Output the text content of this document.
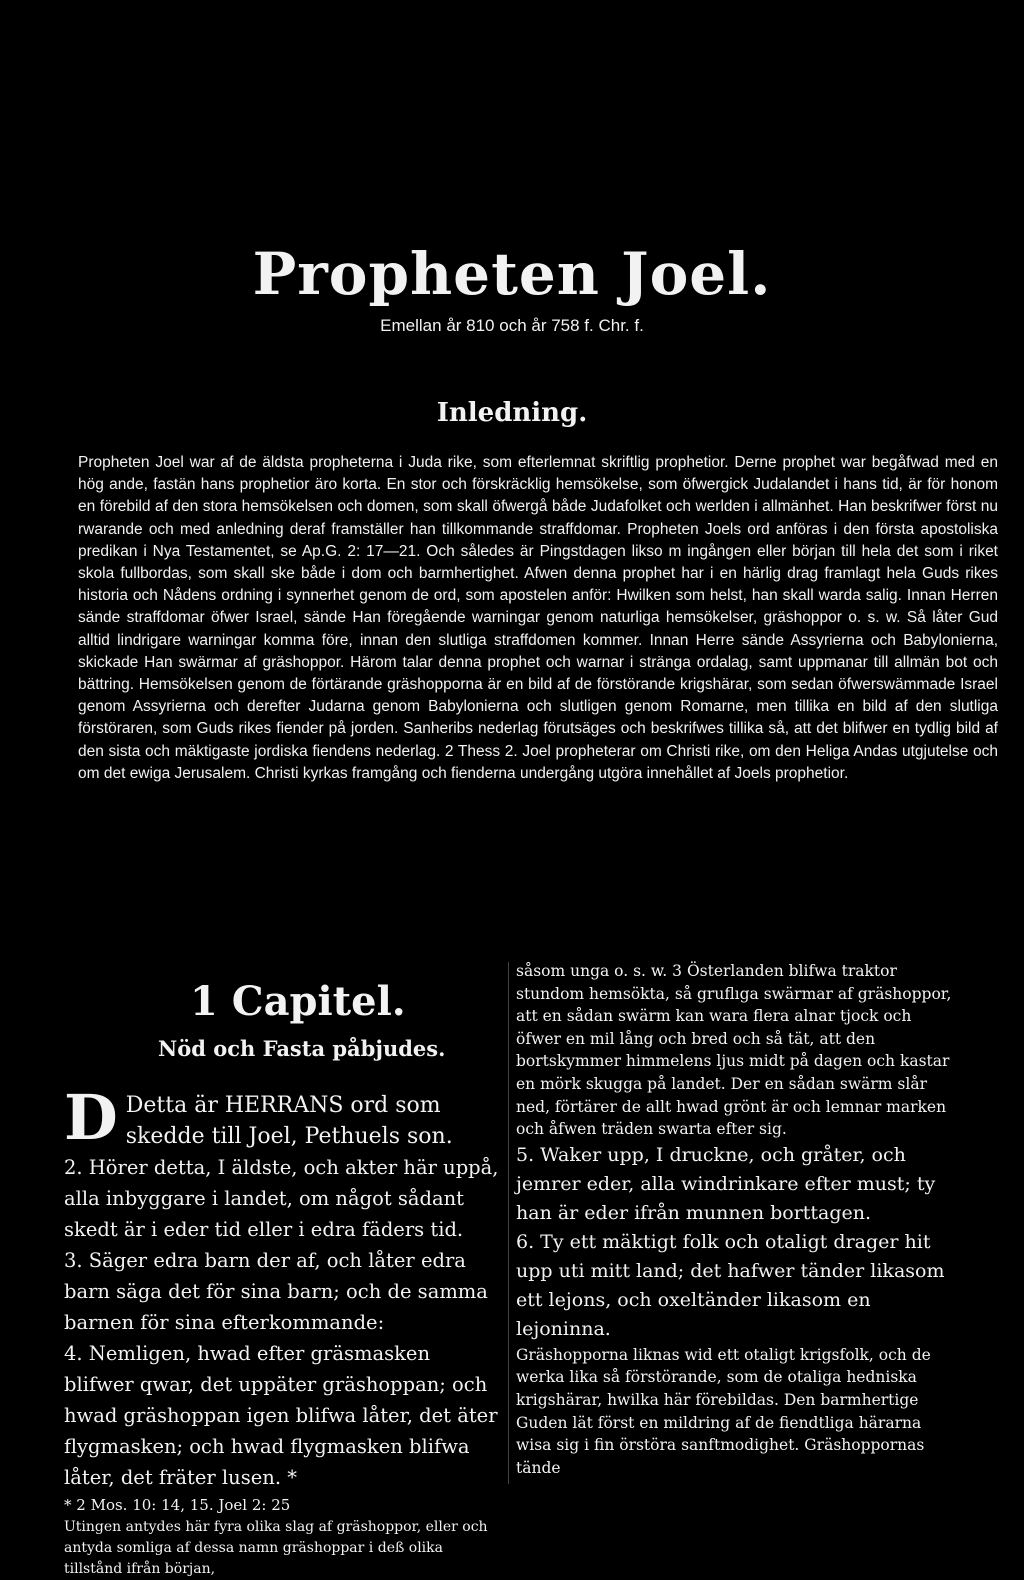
Propheten Joel.
Emellan år 810 och år 758 f. Chr. f.
Inledning.

Propheten Joel war af de äldsta propheterna i Juda rike, som efterlemnat skriftlig prophetior. Derne prophet war begåfwad med en hög ande, fastän hans prophetior äro korta. En stor och förskräcklig hemsökelse, som öfwergick Judalandet i hans tid, är för honom en förebild af den stora hemsökelsen och domen, som skall öfwergå både Judafolket och werlden i allmänhet. Han beskrifwer först nu rwarande och med anledning deraf framställer han tillkommande straffdomar. Propheten Joels ord anföras i den första apostoliska predikan i Nya Testamentet, se Ap.G. 2: 17—21. Och således är Pingstdagen likso m ingången eller början till hela det som i riket skola fullbordas, som skall ske både i dom och barmhertighet. Afwen denna prophet har i en härlig drag framlagt hela Guds rikes historia och Nådens ordning i synnerhet genom de ord, som apostelen anför: Hwilken som helst, han skall warda salig. Innan Herren sände straffdomar öfwer Israel, sände Han föregående warningar genom naturliga hemsökelser, gräshoppor o. s. w. Så låter Gud alltid lindrigare warningar komma före, innan den slutliga straffdomen kommer. Innan Herre sände Assyrierna och Babylonierna, skickade Han swärmar af gräshoppor. Härom talar denna prophet och warnar i stränga ordalag, samt uppmanar till allmän bot och bättring. Hemsökelsen genom de förtärande gräshopporna är en bild af de förstörande krigshärar, som sedan öfwerswämmade Israel genom Assyrierna och derefter Judarna genom Babylonierna och slutligen genom Romarne, men tillika en bild af den slutliga förstöraren, som Guds rikes fiender på jorden. Sanheribs nederlag förutsäges och beskrifwes tillika så, att det blifwer en tydlig bild af den sista och mäktigaste jordiska fiendens nederlag. 2 Thess 2. Joel propheterar om Christi rike, om den Heliga Andas utgjutelse och om det ewiga Jerusalem. Christi kyrkas framgång och fienderna undergång utgöra innehållet af Joels prophetior.

1 Capitel.
Nöd och Fasta påbjudes.

D Detta är HERRANS ord som skedde till Joel, Pethuels son.

2. Hörer detta, I äldste, och akter här uppå, alla inbyggare i landet, om något sådant skedt är i eder tid eller i edra fäders tid.

3. Säger edra barn der af, och låter edra barn säga det för sina barn; och de samma barnen för sina efterkommande:

4. Nemligen, hwad efter gräsmasken blifwer qwar, det uppäter gräshoppan; och hwad gräshoppan igen blifwa låter, det äter flygmasken; och hwad flygmasken blifwa låter, det fräter lusen. *

* 2 Mos. 10: 14, 15. Joel 2: 25

Utingen antydes här fyra olika slag af gräshoppor, eller och antyda somliga af dessa namn gräshoppar i deß olika tillstånd ifrån början,

såsom unga o. s. w. 3 Österlanden blifwa traktor stundom hemsökta, så gruflıga swärmar af gräshoppor, att en sådan swärm kan wara flera alnar tjock och öfwer en mil lång och bred och så tät, att den bortskymmer himmelens ljus midt på dagen och kastar en mörk skugga på landet. Der en sådan swärm slår ned, förtärer de allt hwad grönt är och lemnar marken och åfwen träden swarta efter sig.

5. Waker upp, I druckne, och gråter, och jemrer eder, alla windrinkare efter must; ty han är eder ifrån munnen borttagen.

6. Ty ett mäktigt folk och otaligt drager hit upp uti mitt land; det hafwer tänder likasom ett lejons, och oxeltänder likasom en lejoninna.

Gräshopporna liknas wid ett otaligt krigsfolk, och de werka lika så förstörande, som de otaliga hedniska krigshärar, hwilka här förebildas. Den barmhertige Guden lät först en mildring af de fiendtliga härarna wisa sig i fin örstöra sanftmodighet. Gräshoppornas tände
